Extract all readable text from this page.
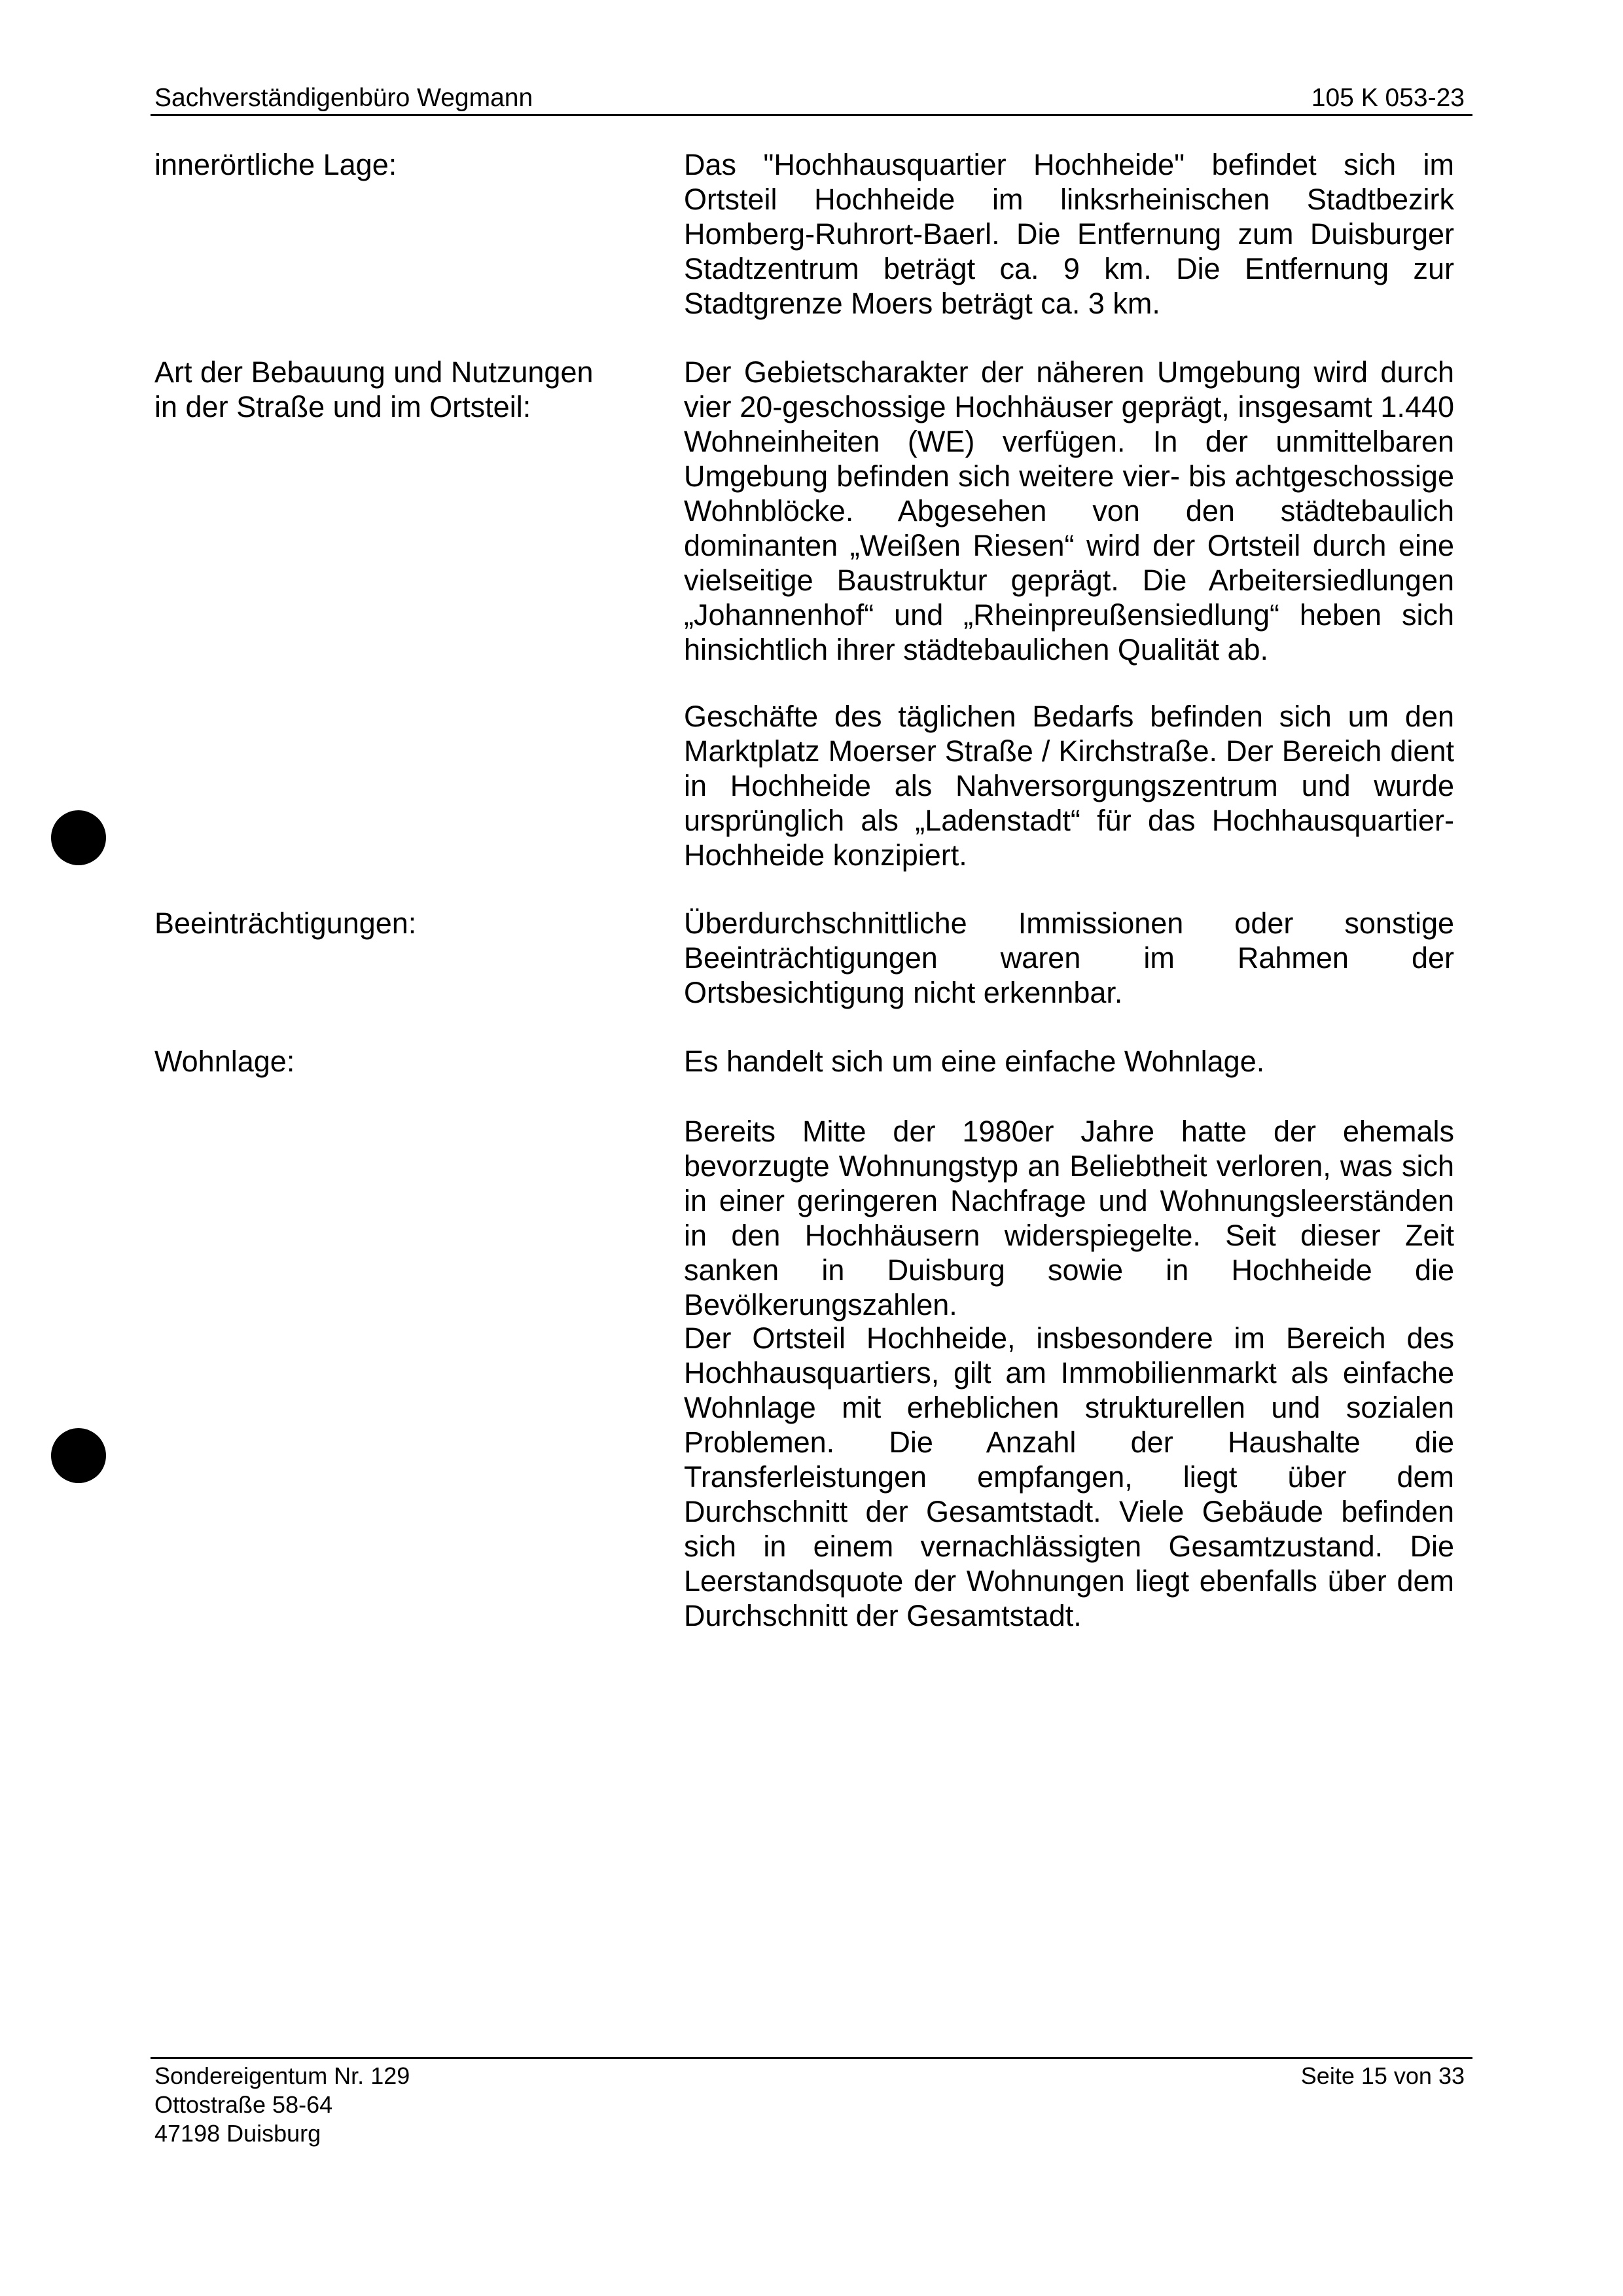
Sachverständigenbüro Wegmann	105 K 053-23
innerörtliche Lage:	Das "Hochhausquartier Hochheide" befindet sich im Ortsteil Hochheide im linksrheinischen Stadtbezirk Homberg-Ruhrort-Baerl. Die Entfernung zum Duisburger Stadtzentrum beträgt ca. 9 km. Die Entfernung zur Stadtgrenze Moers beträgt ca. 3 km.
Art der Bebauung und Nutzungen
in der Straße und im Ortsteil:
Der Gebietscharakter der näheren Umgebung wird durch vier 20-geschossige Hochhäuser geprägt, insgesamt 1.440 Wohneinheiten (WE) verfügen. In der unmittelbaren Umgebung befinden sich weitere vier- bis achtgeschossige Wohnblöcke. Abgesehen von den städtebaulich dominanten „Weißen Riesen“ wird der Ortsteil durch eine vielseitige Baustruktur geprägt. Die Arbeitersiedlungen „Johannenhof“ und „Rheinpreußensiedlung“ heben sich hinsichtlich ihrer städtebaulichen Qualität ab.
Geschäfte des täglichen Bedarfs befinden sich um den Marktplatz Moerser Straße / Kirchstraße. Der Bereich dient in Hochheide als Nahversorgungszentrum und wurde ursprünglich als „Ladenstadt“ für das Hochhausquartier-Hochheide konzipiert.
Beeinträchtigungen:	Überdurchschnittliche Immissionen oder sonstige Beeinträchtigungen waren im Rahmen der Ortsbesichtigung nicht erkennbar.
Wohnlage:	Es handelt sich um eine einfache Wohnlage.
Bereits Mitte der 1980er Jahre hatte der ehemals bevorzugte Wohnungstyp an Beliebtheit verloren, was sich in einer geringeren Nachfrage und Wohnungsleerständen in den Hochhäusern widerspiegelte. Seit dieser Zeit sanken in Duisburg sowie in Hochheide die Bevölkerungszahlen.
Der Ortsteil Hochheide, insbesondere im Bereich des Hochhausquartiers, gilt am Immobilienmarkt als einfache Wohnlage mit erheblichen strukturellen und sozialen Problemen. Die Anzahl der Haushalte die Transferleistungen empfangen, liegt über dem Durchschnitt der Gesamtstadt. Viele Gebäude befinden sich in einem vernachlässigten Gesamtzustand. Die Leerstandsquote der Wohnungen liegt ebenfalls über dem Durchschnitt der Gesamtstadt.
Sondereigentum Nr. 129
Ottostraße 58-64
47198 Duisburg
Seite 15 von 33
